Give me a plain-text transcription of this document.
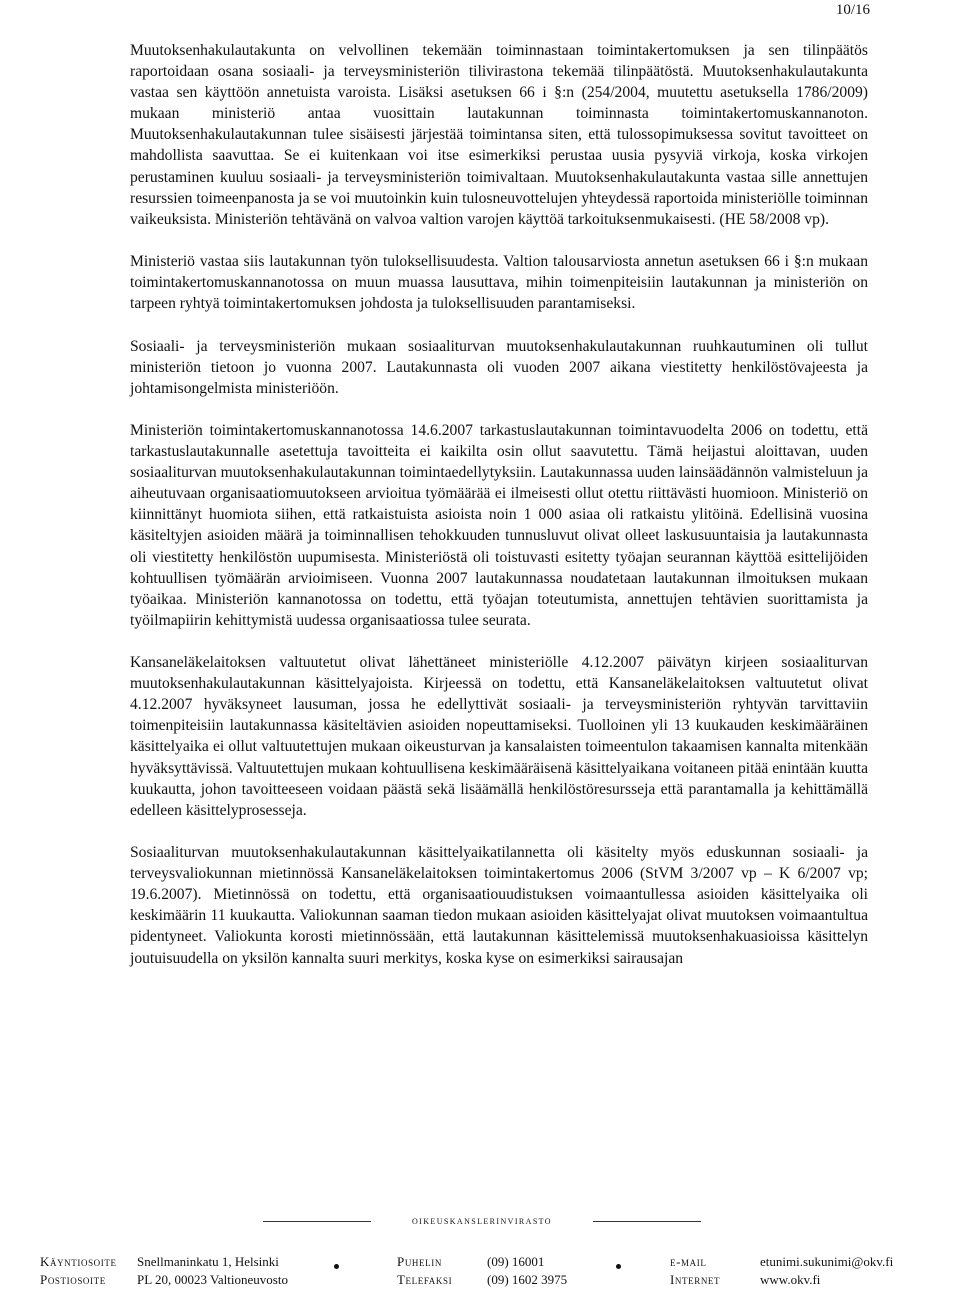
10/16

Muutoksenhakulautakunta on velvollinen tekemään toiminnastaan toimintakertomuksen ja sen tilinpäätös raportoidaan osana sosiaali- ja terveysministeriön tilivirastona tekemää tilinpäätöstä. Muutoksenhakulautakunta vastaa sen käyttöön annetuista varoista. Lisäksi asetuksen 66 i §:n (254/2004, muutettu asetuksella 1786/2009) mukaan ministeriö antaa vuosittain lautakunnan toiminnasta toimintakertomuskannanoton. Muutoksenhakulautakunnan tulee sisäisesti järjestää toimintansa siten, että tulossopimuksessa sovitut tavoitteet on mahdollista saavuttaa. Se ei kuitenkaan voi itse esimerkiksi perustaa uusia pysyviä virkoja, koska virkojen perustaminen kuuluu sosiaali- ja terveysministeriön toimivaltaan. Muutoksenhakulautakunta vastaa sille annettujen resurssien toimeenpanosta ja se voi muutoinkin kuin tulosneuvottelujen yhteydessä raportoida ministeriölle toiminnan vaikeuksista. Ministeriön tehtävänä on valvoa valtion varojen käyttöä tarkoituksenmukaisesti. (HE 58/2008 vp).

Ministeriö vastaa siis lautakunnan työn tuloksellisuudesta. Valtion talousarviosta annetun asetuksen 66 i §:n mukaan toimintakertomuskannanotossa on muun muassa lausuttava, mihin toimenpiteisiin lautakunnan ja ministeriön on tarpeen ryhtyä toimintakertomuksen johdosta ja tuloksellisuuden parantamiseksi.

Sosiaali- ja terveysministeriön mukaan sosiaaliturvan muutoksenhakulautakunnan ruuhkautuminen oli tullut ministeriön tietoon jo vuonna 2007. Lautakunnasta oli vuoden 2007 aikana viestitetty henkilöstövajeesta ja johtamisongelmista ministeriöön.

Ministeriön toimintakertomuskannanotossa 14.6.2007 tarkastuslautakunnan toimintavuodelta 2006 on todettu, että tarkastuslautakunnalle asetettuja tavoitteita ei kaikilta osin ollut saavutettu. Tämä heijastui aloittavan, uuden sosiaaliturvan muutoksenhakulautakunnan toimintaedellytyksiin. Lautakunnassa uuden lainsäädännön valmisteluun ja aiheutuvaan organisaatiomuutokseen arvioitua työmäärää ei ilmeisesti ollut otettu riittävästi huomioon. Ministeriö on kiinnittänyt huomiota siihen, että ratkaistuista asioista noin 1 000 asiaa oli ratkaistu ylitöinä. Edellisinä vuosina käsiteltyjen asioiden määrä ja toiminnallisen tehokkuuden tunnusluvut olivat olleet laskusuuntaisia ja lautakunnasta oli viestitetty henkilöstön uupumisesta. Ministeriöstä oli toistuvasti esitetty työajan seurannan käyttöä esittelijöiden kohtuullisen työmäärän arvioimiseen. Vuonna 2007 lautakunnassa noudatetaan lautakunnan ilmoituksen mukaan työaikaa. Ministeriön kannanotossa on todettu, että työajan toteutumista, annettujen tehtävien suorittamista ja työilmapiirin kehittymistä uudessa organisaatiossa tulee seurata.

Kansaneläkelaitoksen valtuutetut olivat lähettäneet ministeriölle 4.12.2007 päivätyn kirjeen sosiaaliturvan muutoksenhakulautakunnan käsittelyajoista. Kirjeessä on todettu, että Kansaneläkelaitoksen valtuutetut olivat 4.12.2007 hyväksyneet lausuman, jossa he edellyttivät sosiaali- ja terveysministeriön ryhtyvän tarvittaviin toimenpiteisiin lautakunnassa käsiteltävien asioiden nopeuttamiseksi. Tuolloinen yli 13 kuukauden keskimääräinen käsittelyaika ei ollut valtuutettujen mukaan oikeusturvan ja kansalaisten toimeentulon takaamisen kannalta mitenkään hyväksyttävissä. Valtuutettujen mukaan kohtuullisena keskimääräisenä käsittelyaikana voitaneen pitää enintään kuutta kuukautta, johon tavoitteeseen voidaan päästä sekä lisäämällä henkilöstöresursseja että parantamalla ja kehittämällä edelleen käsittelyprosesseja.

Sosiaaliturvan muutoksenhakulautakunnan käsittelyaikatilannetta oli käsitelty myös eduskunnan sosiaali- ja terveysvaliokunnan mietinnössä Kansaneläkelaitoksen toimintakertomus 2006 (StVM 3/2007 vp – K 6/2007 vp; 19.6.2007). Mietinnössä on todettu, että organisaatiouudistuksen voimaantullessa asioiden käsittelyaika oli keskimäärin 11 kuukautta. Valiokunnan saaman tiedon mukaan asioiden käsittelyajat olivat muutoksen voimaantultua pidentyneet. Valiokunta korosti mietinnössään, että lautakunnan käsittelemissä muutoksenhakuasioissa käsittelyn joutuisuudella on yksilön kannalta suuri merkitys, koska kyse on esimerkiksi sairausajan

oikeuskanslerinvirasto
Käyntiosoite Snellmaninkatu 1, Helsinki	Puhelin	(09) 16001	e-mail	etunimi.sukunimi@okv.fi
Postiosoite PL 20, 00023 Valtioneuvosto	Telefaksi	(09) 1602 3975	Internet	www.okv.fi
